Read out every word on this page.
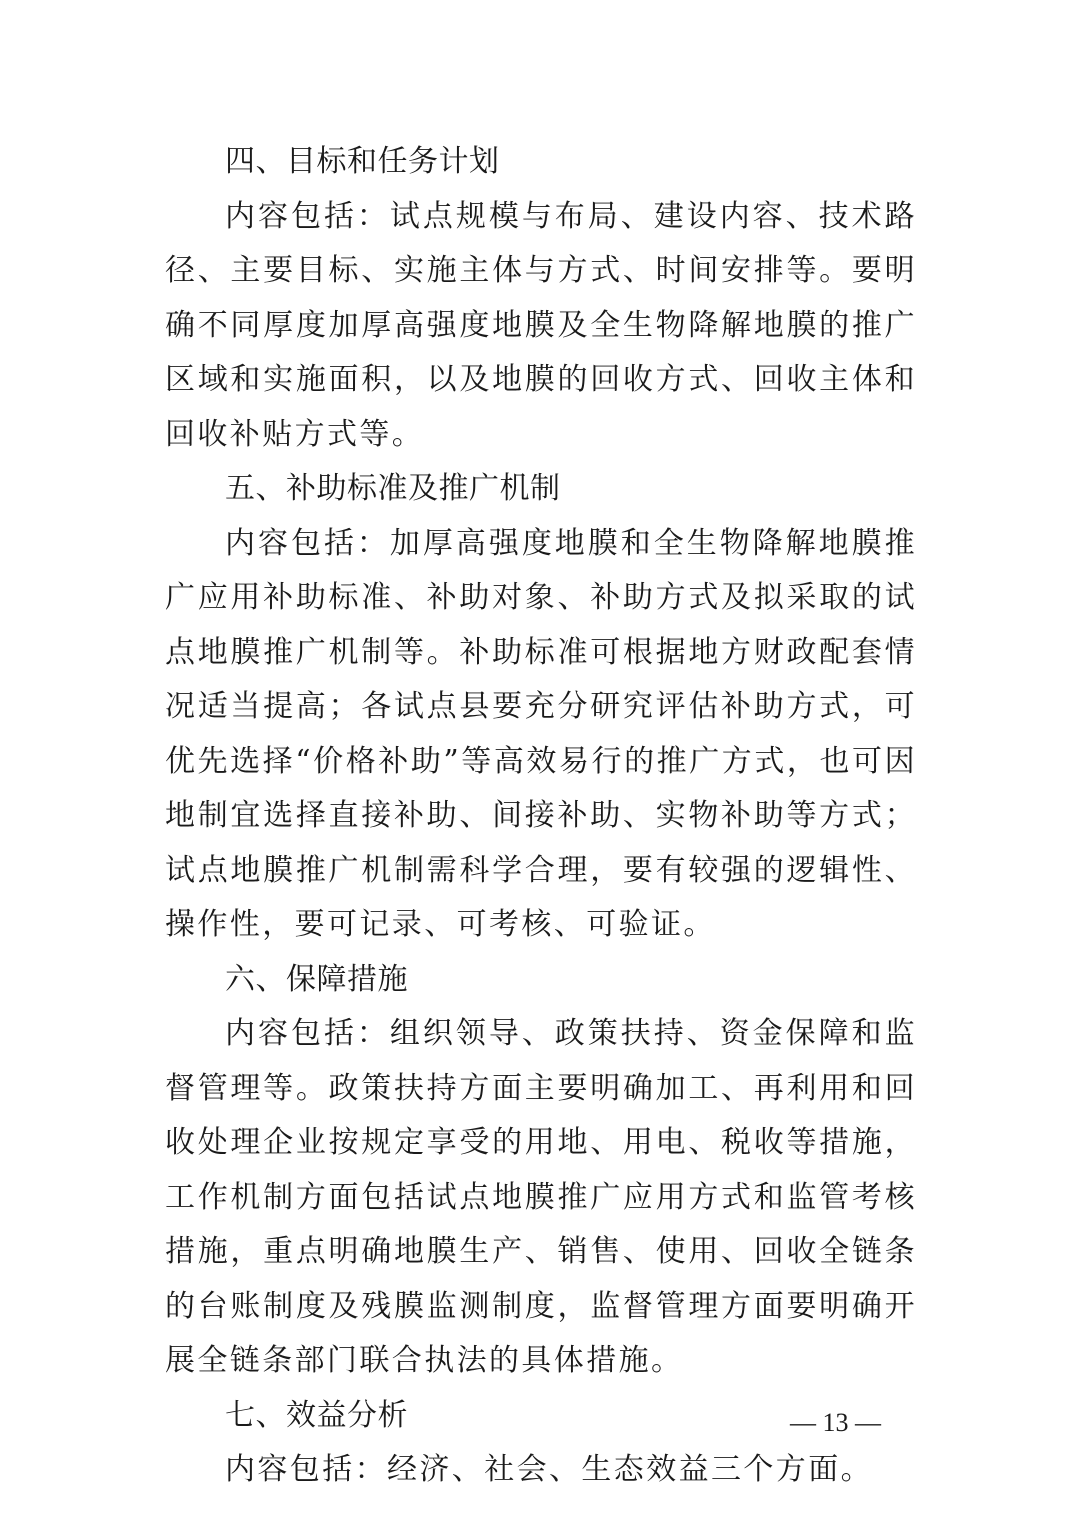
四、目标和任务计划

内容包括：试点规模与布局、建设内容、技术路径、主要目标、实施主体与方式、时间安排等。要明确不同厚度加厚高强度地膜及全生物降解地膜的推广区域和实施面积，以及地膜的回收方式、回收主体和回收补贴方式等。

五、补助标准及推广机制

内容包括：加厚高强度地膜和全生物降解地膜推广应用补助标准、补助对象、补助方式及拟采取的试点地膜推广机制等。补助标准可根据地方财政配套情况适当提高；各试点县要充分研究评估补助方式，可优先选择“价格补助”等高效易行的推广方式，也可因地制宜选择直接补助、间接补助、实物补助等方式；试点地膜推广机制需科学合理，要有较强的逻辑性、操作性，要可记录、可考核、可验证。

六、保障措施

内容包括：组织领导、政策扶持、资金保障和监督管理等。政策扶持方面主要明确加工、再利用和回收处理企业按规定享受的用地、用电、税收等措施，工作机制方面包括试点地膜推广应用方式和监管考核措施，重点明确地膜生产、销售、使用、回收全链条的台账制度及残膜监测制度，监督管理方面要明确开展全链条部门联合执法的具体措施。

七、效益分析

内容包括：经济、社会、生态效益三个方面。

— 13 —
